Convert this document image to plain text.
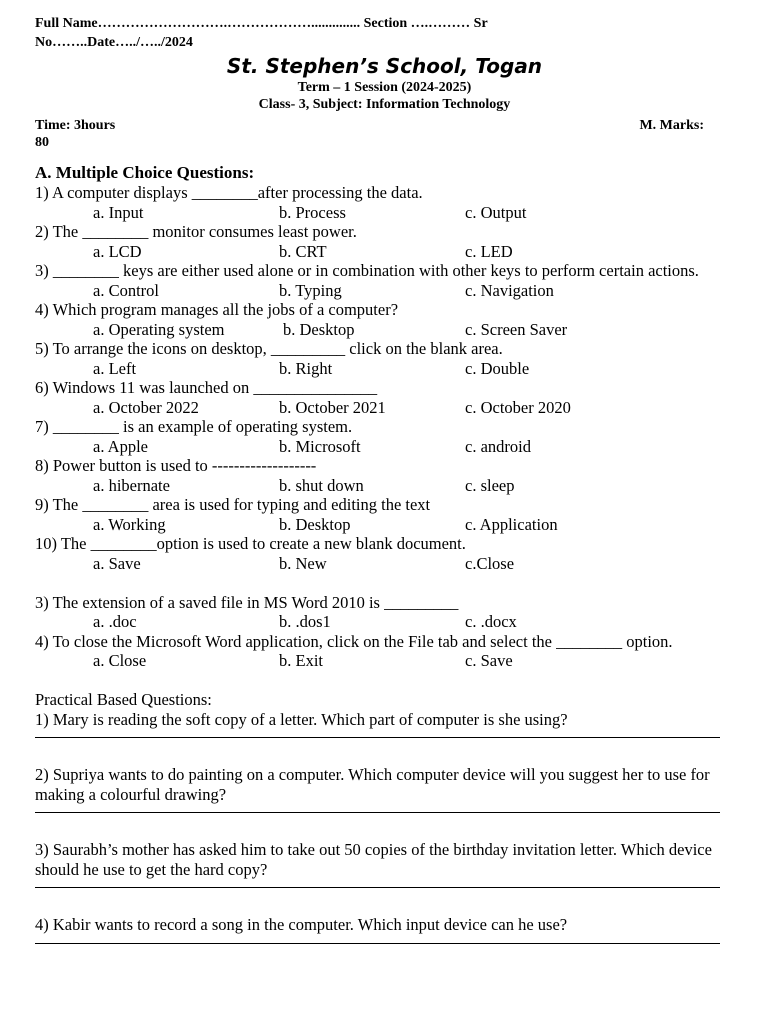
Full Name……………………….……………….............. Section ….……… Sr
No……..Date…../…../2024
St. Stephen’s School, Togan
Term – 1 Session (2024-2025)
Class- 3, Subject: Information Technology
Time: 3hours	M. Marks:
80
A. Multiple Choice Questions:
1) A computer displays ________after processing the data.
a. Input	b. Process	c. Output
2) The ________ monitor consumes least power.
a. LCD	b. CRT	c. LED
3) ________ keys are either used alone or in combination with other keys to perform certain actions.
a. Control	b. Typing	c. Navigation
4) Which program manages all the jobs of a computer?
a. Operating system	b. Desktop	c. Screen Saver
5) To arrange the icons on desktop, _________ click on the blank area.
a. Left	b. Right	c. Double
6) Windows 11 was launched on _______________
a. October 2022	b. October 2021	c. October 2020
7) ________ is an example of operating system.
a. Apple	b. Microsoft	c. android
8) Power button is used to -------------------
a. hibernate	b. shut down	c. sleep
9) The ________ area is used for typing and editing the text
a. Working	b. Desktop	c. Application
10) The ________option is used to create a new blank document.
a. Save	b. New	c.Close
3) The extension of a saved file in MS Word 2010 is _________
a. .doc	b. .dos1	c. .docx
4) To close the Microsoft Word application, click on the File tab and select the ________ option.
a. Close	b. Exit	c. Save
Practical Based Questions:
1) Mary is reading the soft copy of a letter. Which part of computer is she using?
2) Supriya wants to do painting on a computer. Which computer device will you suggest her to use for making a colourful drawing?
3) Saurabh’s mother has asked him to take out 50 copies of the birthday invitation letter. Which device should he use to get the hard copy?
4) Kabir wants to record a song in the computer. Which input device can he use?
